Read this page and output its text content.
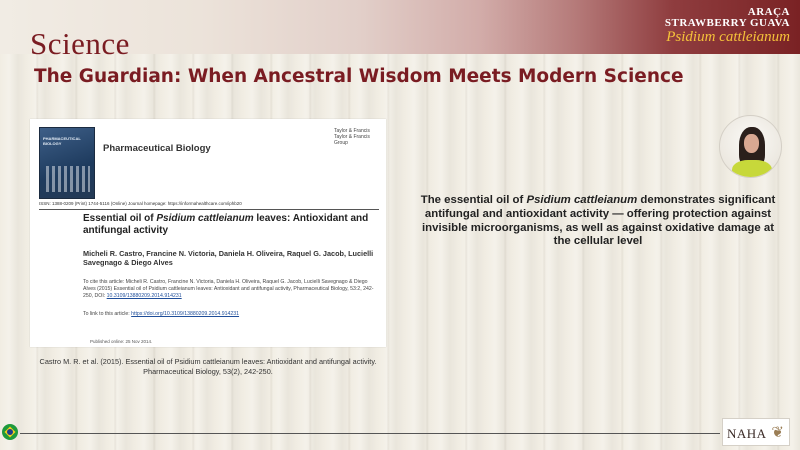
ARAÇA
STRAWBERRY GUAVA
Psidium cattleianum
Science
The Guardian: When Ancestral Wisdom Meets Modern Science
PHARMACEUTICAL BIOLOGY	Pharmaceutical Biology
Taylor & Francis Taylor & Francis Group
ISSN: 1388-0209 (Print) 1744-5116 (Online) Journal homepage: https://informahealthcare.com/iphb20
Essential oil of Psidium cattleianum leaves: Antioxidant and antifungal activity
Micheli R. Castro, Francine N. Victoria, Daniela H. Oliveira, Raquel G. Jacob, Lucielli Savegnago & Diego Alves
To cite this article: Micheli R. Castro, Francine N. Victoria, Daniela H. Oliveira, Raquel G. Jacob, Lucielli Savegnago & Diego Alves (2015) Essential oil of Psidium cattleianum leaves: Antioxidant and antifungal activity, Pharmaceutical Biology, 53:2, 242-250, DOI: 10.3109/13880209.2014.914231
To link to this article: https://doi.org/10.3109/13880209.2014.914231
Published online: 25 Nov 2014.
Castro M. R. et al. (2015). Essential oil of Psidium cattleianum leaves: Antioxidant and antifungal activity. Pharmaceutical Biology, 53(2), 242-250.
The essential oil of Psidium cattleianum demonstrates significant antifungal and antioxidant activity — offering protection against invisible microorganisms, as well as against oxidative damage at the cellular level
NAHA ❦
